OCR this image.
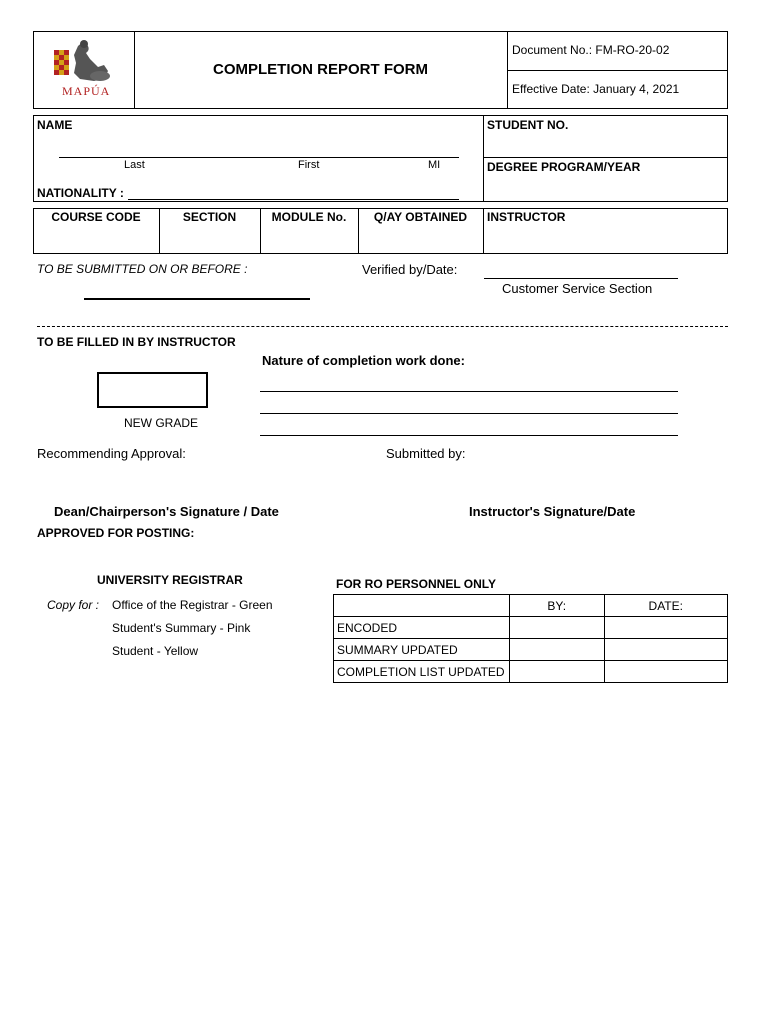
MAPÚA
COMPLETION REPORT FORM
Document No.: FM-RO-20-02
Effective Date: January 4, 2021
NAME
Last	First	MI
NATIONALITY :
STUDENT NO.
DEGREE PROGRAM/YEAR
COURSE CODE	SECTION	MODULE No.	Q/AY OBTAINED	INSTRUCTOR
TO BE SUBMITTED ON OR BEFORE :	Verified by/Date:
Customer Service Section
TO BE FILLED IN BY INSTRUCTOR
Nature of completion work done:
NEW GRADE
Recommending Approval:	Submitted by:
Dean/Chairperson's Signature / Date	Instructor's Signature/Date
APPROVED FOR POSTING:
UNIVERSITY REGISTRAR
Copy for : Office of the Registrar - Green
Student's Summary - Pink
Student - Yellow
FOR RO PERSONNEL ONLY
	BY:	DATE:
ENCODED		
SUMMARY UPDATED		
COMPLETION LIST UPDATED		
